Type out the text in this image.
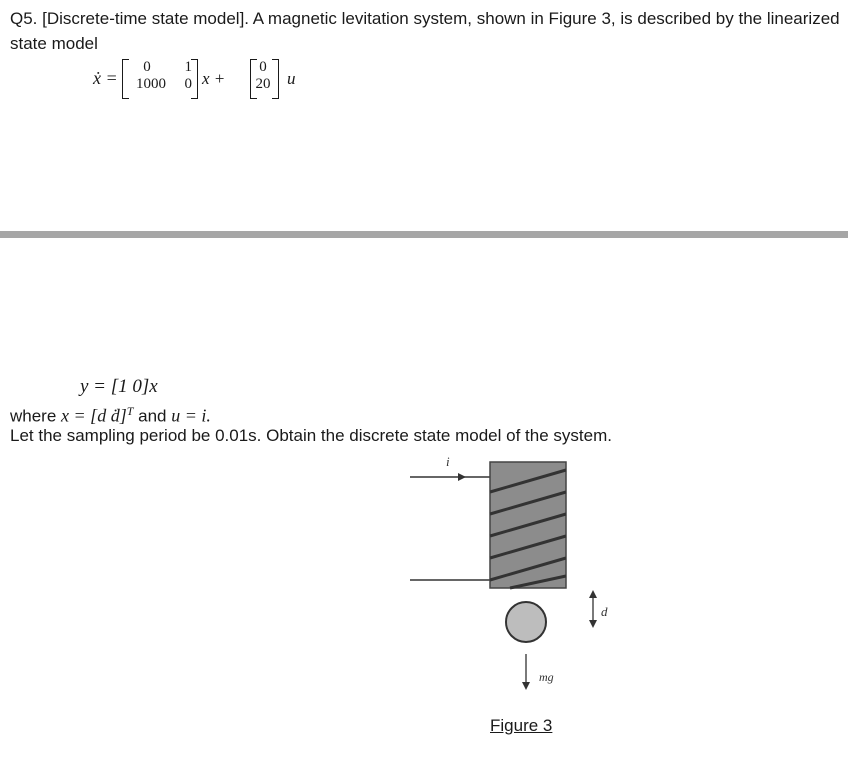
Q5. [Discrete-time state model]. A magnetic levitation system, shown in Figure 3, is described by the linearized state model

ẋ =
0
1000
1
0 x +
0
20 u
y = [1 0]x
where x = [d ḋ]$^T$ and u = i.
Let the sampling period be 0.01s. Obtain the discrete state model of the system.
i
d
mg
Figure 3
